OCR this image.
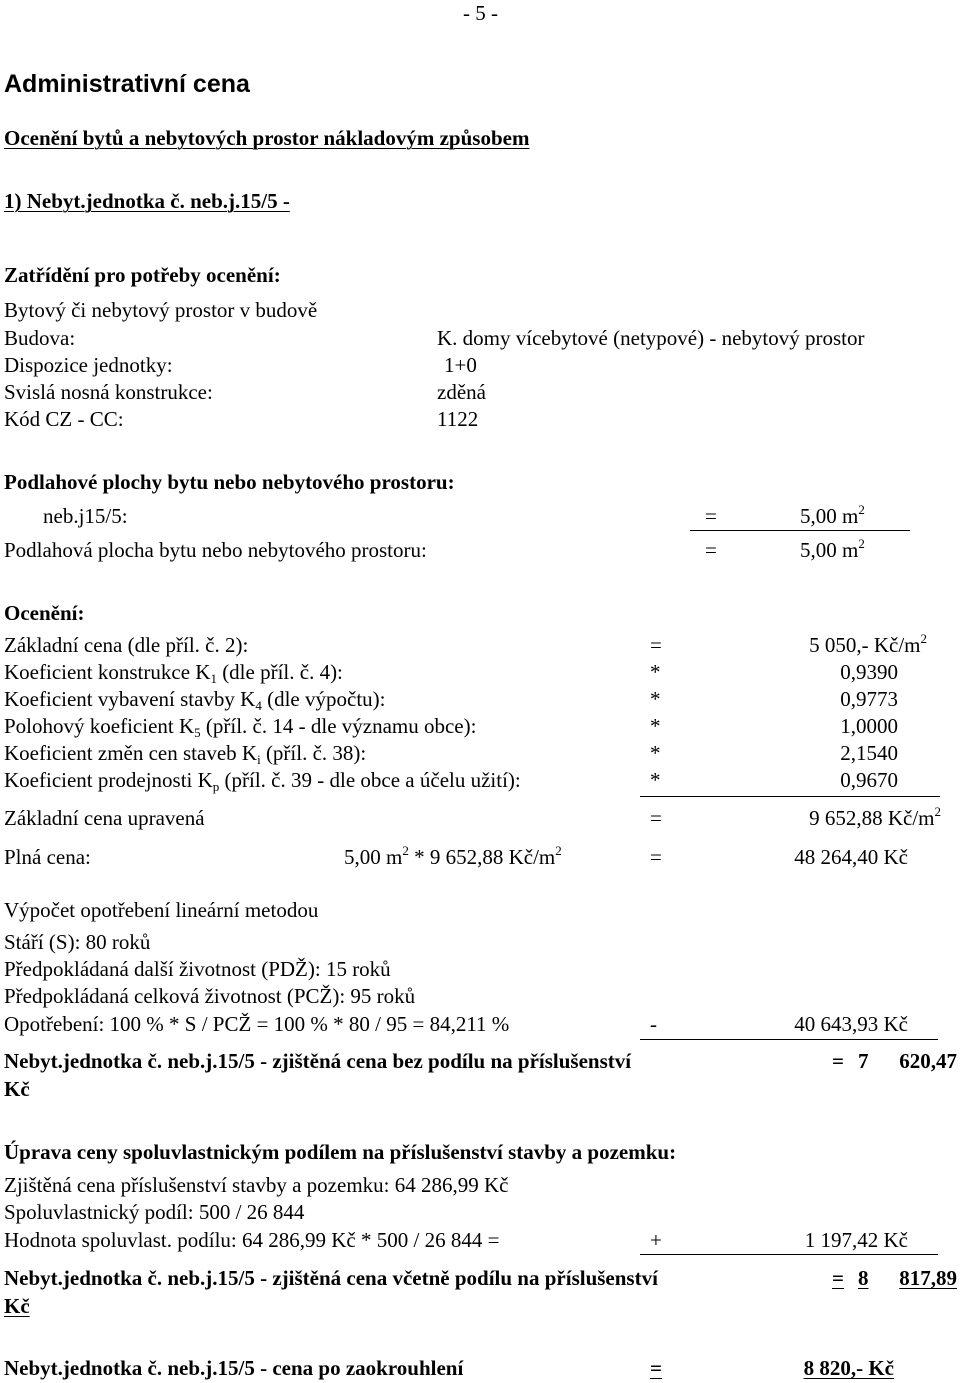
- 5 -
Administrativní cena
Ocenění bytů a nebytových prostor nákladovým způsobem
1) Nebyt.jednotka č. neb.j.15/5 -
Zatřídění pro potřeby ocenění:
Bytový či nebytový prostor v budově
Budova:	K. domy vícebytové (netypové) - nebytový prostor
Dispozice jednotky:	1+0
Svislá nosná konstrukce:	zděná
Kód CZ - CC:	1122
Podlahové plochy bytu nebo nebytového prostoru:
neb.j15/5:	=	5,00 $m^2$
Podlahová plocha bytu nebo nebytového prostoru:	=	5,00 $m^2$
Ocenění:
Základní cena (dle příl. č. 2):	=	5 050,- $Kč/m^2$
Koeficient konstrukce $K_1$ (dle příl. č. 4):	*	0,9390
Koeficient vybavení stavby $K_4$ (dle výpočtu):	*	0,9773
Polohový koeficient $K_5$ (příl. č. 14 - dle významu obce):	*	1,0000
Koeficient změn cen staveb $K_i$ (příl. č. 38):	*	2,1540
Koeficient prodejnosti $K_p$ (příl. č. 39 - dle obce a účelu užití):	*	0,9670
Základní cena upravená	=	9 652,88 $Kč/m^2$
Plná cena:	5,00 $m^2 * 9$ 652,88 $Kč/m^2$	=	48 264,40 Kč
Výpočet opotřebení lineární metodou
Stáří (S): 80 roků
Předpokládaná další životnost (PDŽ): 15 roků
Předpokládaná celková životnost (PCŽ): 95 roků
Opotřebení: 100 % * S / PCŽ = 100 % * 80 / 95 = 84,211 %	-	40 643,93 Kč
Nebyt.jednotka č. neb.j.15/5 - zjištěná cena bez podílu na příslušenství	= 7	620,47
Kč
Úprava ceny spoluvlastnickým podílem na příslušenství stavby a pozemku:
Zjištěná cena příslušenství stavby a pozemku: 64 286,99 Kč
Spoluvlastnický podíl: 500 / 26 844
Hodnota spoluvlast. podílu: 64 286,99 Kč * 500 / 26 844 =	+	1 197,42 Kč
Nebyt.jednotka č. neb.j.15/5 - zjištěná cena včetně podílu na příslušenství	= 8	817,89
Kč
Nebyt.jednotka č. neb.j.15/5 - cena po zaokrouhlení	=	8 820,- Kč
